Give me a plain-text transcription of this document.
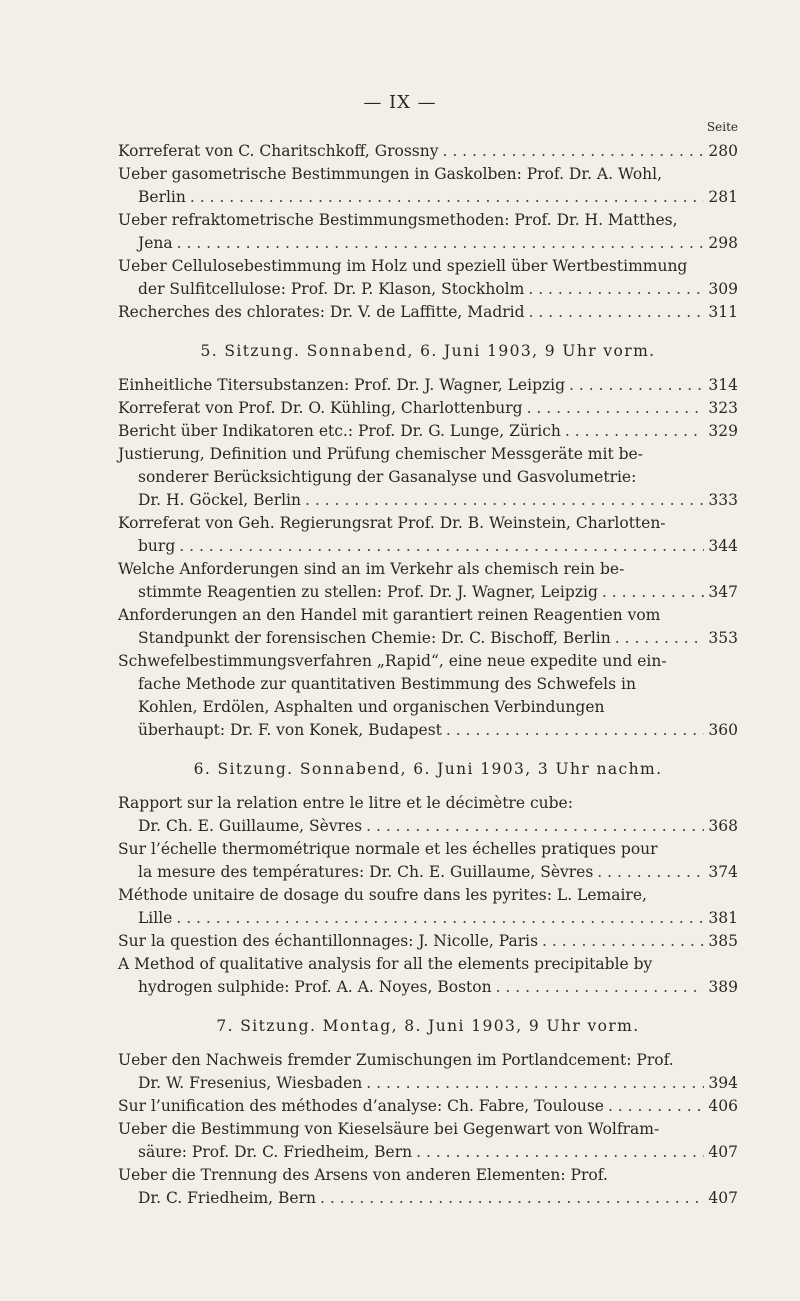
— IX —
Seite
Korreferat von C. Charitschkoff, Grossny . . .	280
Ueber gasometrische Bestimmungen in Gaskolben: Prof. Dr. A. Wohl,
Berlin . . .	281
Ueber refraktometrische Bestimmungsmethoden: Prof. Dr. H. Matthes,
Jena . . .	298
Ueber Cellulosebestimmung im Holz und speziell über Wertbestimmung
der Sulfitcellulose: Prof. Dr. P. Klason, Stockholm . . .	309
Recherches des chlorates: Dr. V. de Laffitte, Madrid . . .	311
5. Sitzung. Sonnabend, 6. Juni 1903, 9 Uhr vorm.
Einheitliche Titersubstanzen: Prof. Dr. J. Wagner, Leipzig . . .	314
Korreferat von Prof. Dr. O. Kühling, Charlottenburg . . .	323
Bericht über Indikatoren etc.: Prof. Dr. G. Lunge, Zürich . . .	329
Justierung, Definition und Prüfung chemischer Messgeräte mit be-
sonderer Berücksichtigung der Gasanalyse und Gasvolumetrie:
Dr. H. Göckel, Berlin . . .	333
Korreferat von Geh. Regierungsrat Prof. Dr. B. Weinstein, Charlotten-
burg . . .	344
Welche Anforderungen sind an im Verkehr als chemisch rein be-
stimmte Reagentien zu stellen: Prof. Dr. J. Wagner, Leipzig . . .	347
Anforderungen an den Handel mit garantiert reinen Reagentien vom
Standpunkt der forensischen Chemie: Dr. C. Bischoff, Berlin . . .	353
Schwefelbestimmungsverfahren „Rapid“, eine neue expedite und ein-
fache Methode zur quantitativen Bestimmung des Schwefels in
Kohlen, Erdölen, Asphalten und organischen Verbindungen
überhaupt: Dr. F. von Konek, Budapest . . .	360
6. Sitzung. Sonnabend, 6. Juni 1903, 3 Uhr nachm.
Rapport sur la relation entre le litre et le décimètre cube:
Dr. Ch. E. Guillaume, Sèvres . . .	368
Sur l’échelle thermométrique normale et les échelles pratiques pour
la mesure des températures: Dr. Ch. E. Guillaume, Sèvres . . .	374
Méthode unitaire de dosage du soufre dans les pyrites: L. Lemaire,
Lille . . .	381
Sur la question des échantillonnages: J. Nicolle, Paris . . .	385
A Method of qualitative analysis for all the elements precipitable by
hydrogen sulphide: Prof. A. A. Noyes, Boston . . .	389
7. Sitzung. Montag, 8. Juni 1903, 9 Uhr vorm.
Ueber den Nachweis fremder Zumischungen im Portlandcement: Prof.
Dr. W. Fresenius, Wiesbaden . . .	394
Sur l’unification des méthodes d’analyse: Ch. Fabre, Toulouse . . .	406
Ueber die Bestimmung von Kieselsäure bei Gegenwart von Wolfram-
säure: Prof. Dr. C. Friedheim, Bern . . .	407
Ueber die Trennung des Arsens von anderen Elementen: Prof.
Dr. C. Friedheim, Bern . . .	407
